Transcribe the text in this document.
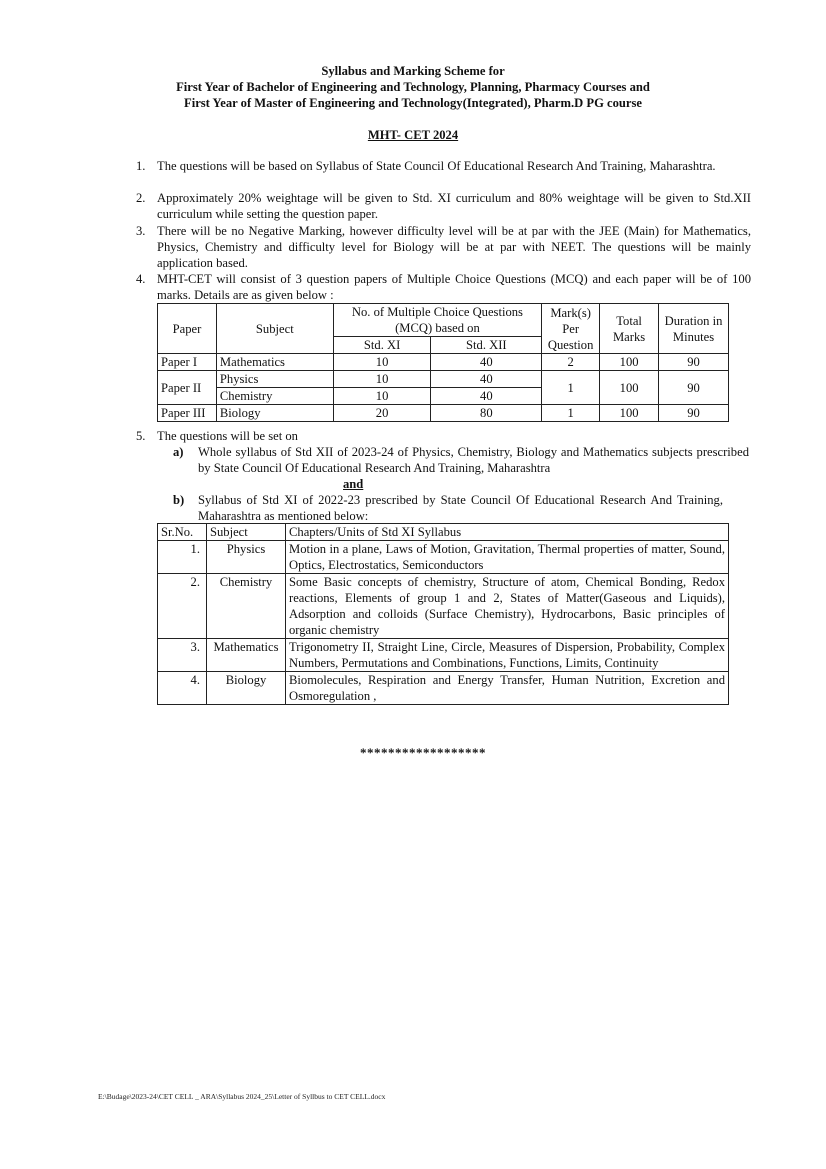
Syllabus and Marking Scheme for
First Year of Bachelor of Engineering and Technology, Planning, Pharmacy Courses and
First Year of Master of Engineering and Technology(Integrated), Pharm.D PG course
MHT- CET 2024
1. The questions will be based on Syllabus of State Council Of Educational Research And Training, Maharashtra.
2. Approximately 20% weightage will be given to Std. XI curriculum and 80% weightage will be given to Std.XII curriculum while setting the question paper.
3. There will be no Negative Marking, however difficulty level will be at par with the JEE (Main) for Mathematics, Physics, Chemistry and difficulty level for Biology will be at par with NEET. The questions will be mainly application based.
4. MHT-CET will consist of 3 question papers of Multiple Choice Questions (MCQ) and each paper will be of 100 marks. Details are as given below :
Paper	Subject	No. of Multiple Choice Questions (MCQ) based on		Mark(s) Per Question	Total Marks	Duration in Minutes
		Std. XI	Std. XII			
Paper I	Mathematics	10	40	2	100	90
Paper II	Physics	10	40	1	100	90
	Chemistry	10	40			
Paper III	Biology	20	80	1	100	90
5. The questions will be set on
a) Whole syllabus of Std XII of 2023-24 of Physics, Chemistry, Biology and Mathematics subjects prescribed by State Council Of Educational Research And Training, Maharashtra
and
b) Syllabus of Std XI of 2022-23 prescribed by State Council Of Educational Research And Training, Maharashtra as mentioned below:
Sr.No.	Subject	Chapters/Units of Std XI Syllabus
1.	Physics	Motion in a plane, Laws of Motion, Gravitation, Thermal properties of matter, Sound, Optics, Electrostatics, Semiconductors
2.	Chemistry	Some Basic concepts of chemistry, Structure of atom, Chemical Bonding, Redox reactions, Elements of group 1 and 2, States of Matter(Gaseous and Liquids), Adsorption and colloids (Surface Chemistry), Hydrocarbons, Basic principles of organic chemistry
3.	Mathematics	Trigonometry II, Straight Line, Circle, Measures of Dispersion, Probability, Complex Numbers, Permutations and Combinations, Functions, Limits, Continuity
4.	Biology	Biomolecules, Respiration and Energy Transfer, Human Nutrition, Excretion and Osmoregulation ,
******************
E:\Budage\2023-24\CET CELL _ ARA\Syllabus 2024_25\Letter of Syllbus to CET CELL.docx
